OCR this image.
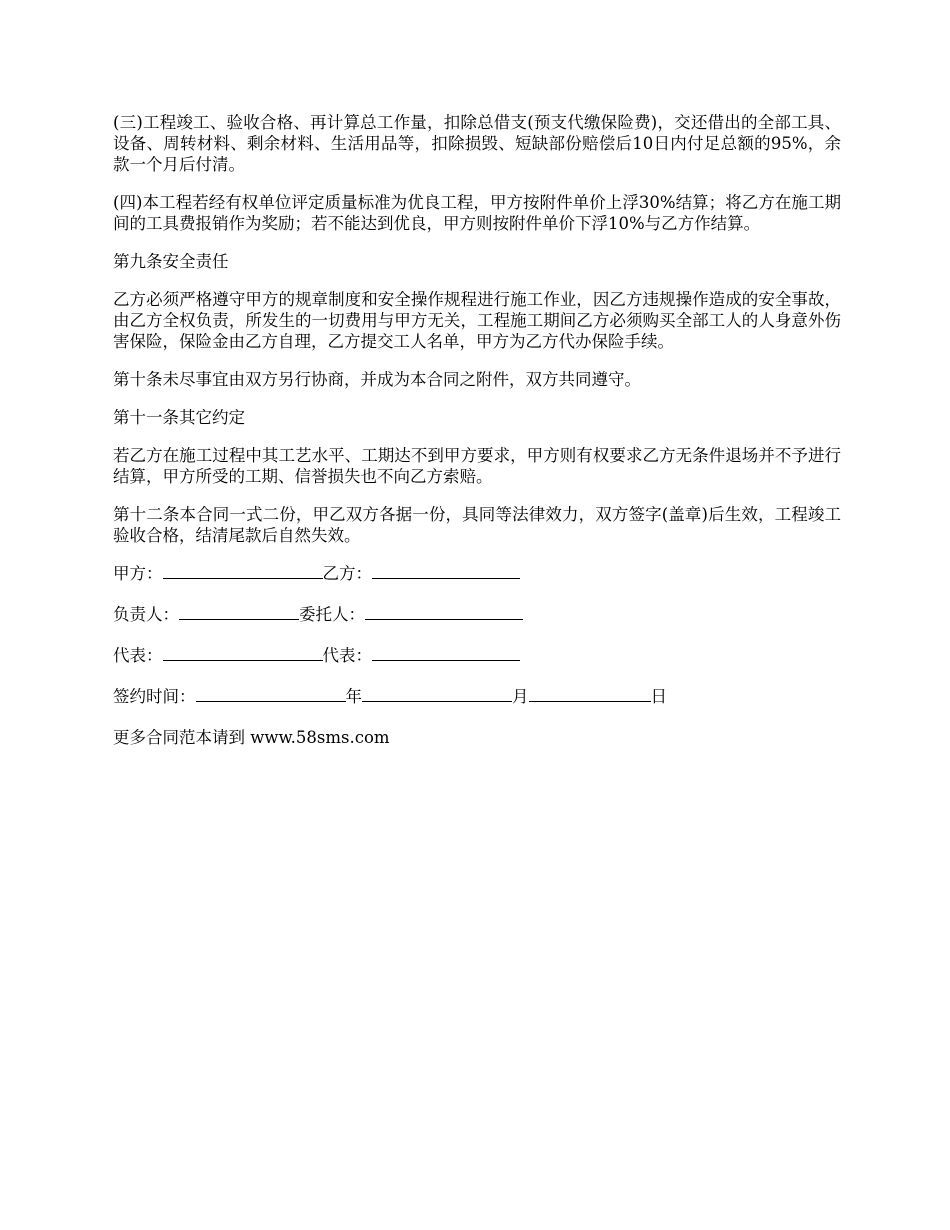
(三)工程竣工、验收合格、再计算总工作量，扣除总借支(预支代缴保险费)，交还借出的全部工具、设备、周转材料、剩余材料、生活用品等，扣除损毁、短缺部份赔偿后10日内付足总额的95%，余款一个月后付清。

(四)本工程若经有权单位评定质量标准为优良工程，甲方按附件单价上浮30%结算；将乙方在施工期间的工具费报销作为奖励；若不能达到优良，甲方则按附件单价下浮10%与乙方作结算。

第九条安全责任

乙方必须严格遵守甲方的规章制度和安全操作规程进行施工作业，因乙方违规操作造成的安全事故，由乙方全权负责，所发生的一切费用与甲方无关，工程施工期间乙方必须购买全部工人的人身意外伤害保险，保险金由乙方自理，乙方提交工人名单，甲方为乙方代办保险手续。

第十条未尽事宜由双方另行协商，并成为本合同之附件，双方共同遵守。

第十一条其它约定

若乙方在施工过程中其工艺水平、工期达不到甲方要求，甲方则有权要求乙方无条件退场并不予进行结算，甲方所受的工期、信誉损失也不向乙方索赔。

第十二条本合同一式二份，甲乙双方各据一份，具同等法律效力，双方签字(盖章)后生效，工程竣工验收合格，结清尾款后自然失效。

甲方：	乙方：
负责人：	委托人：
代表：	代表：
签约时间：	年	月	日
更多合同范本请到 www.58sms.com
